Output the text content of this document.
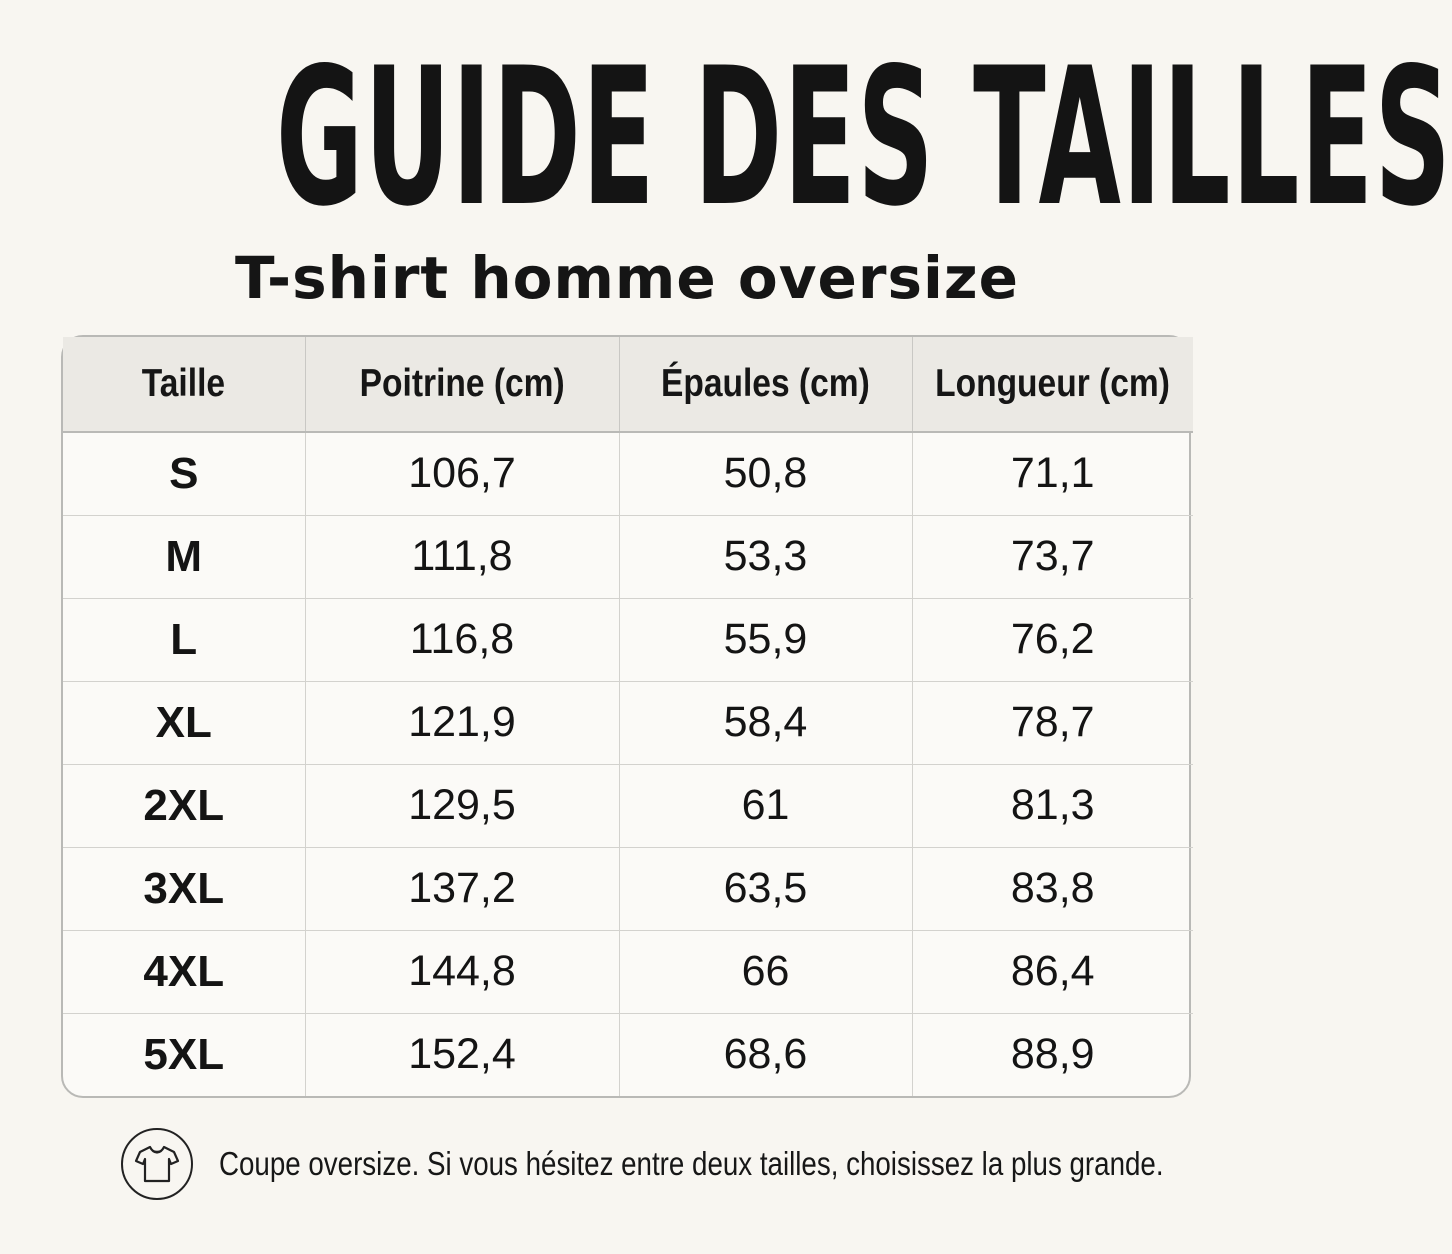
GUIDE DES TAILLES
T-shirt homme oversize
Taille	Poitrine (cm)	Épaules (cm)	Longueur (cm)
S	106,7	50,8	71,1
M	111,8	53,3	73,7
L	116,8	55,9	76,2
XL	121,9	58,4	78,7
2XL	129,5	61	81,3
3XL	137,2	63,5	83,8
4XL	144,8	66	86,4
5XL	152,4	68,6	88,9
Coupe oversize. Si vous hésitez entre deux tailles, choisissez la plus grande.
